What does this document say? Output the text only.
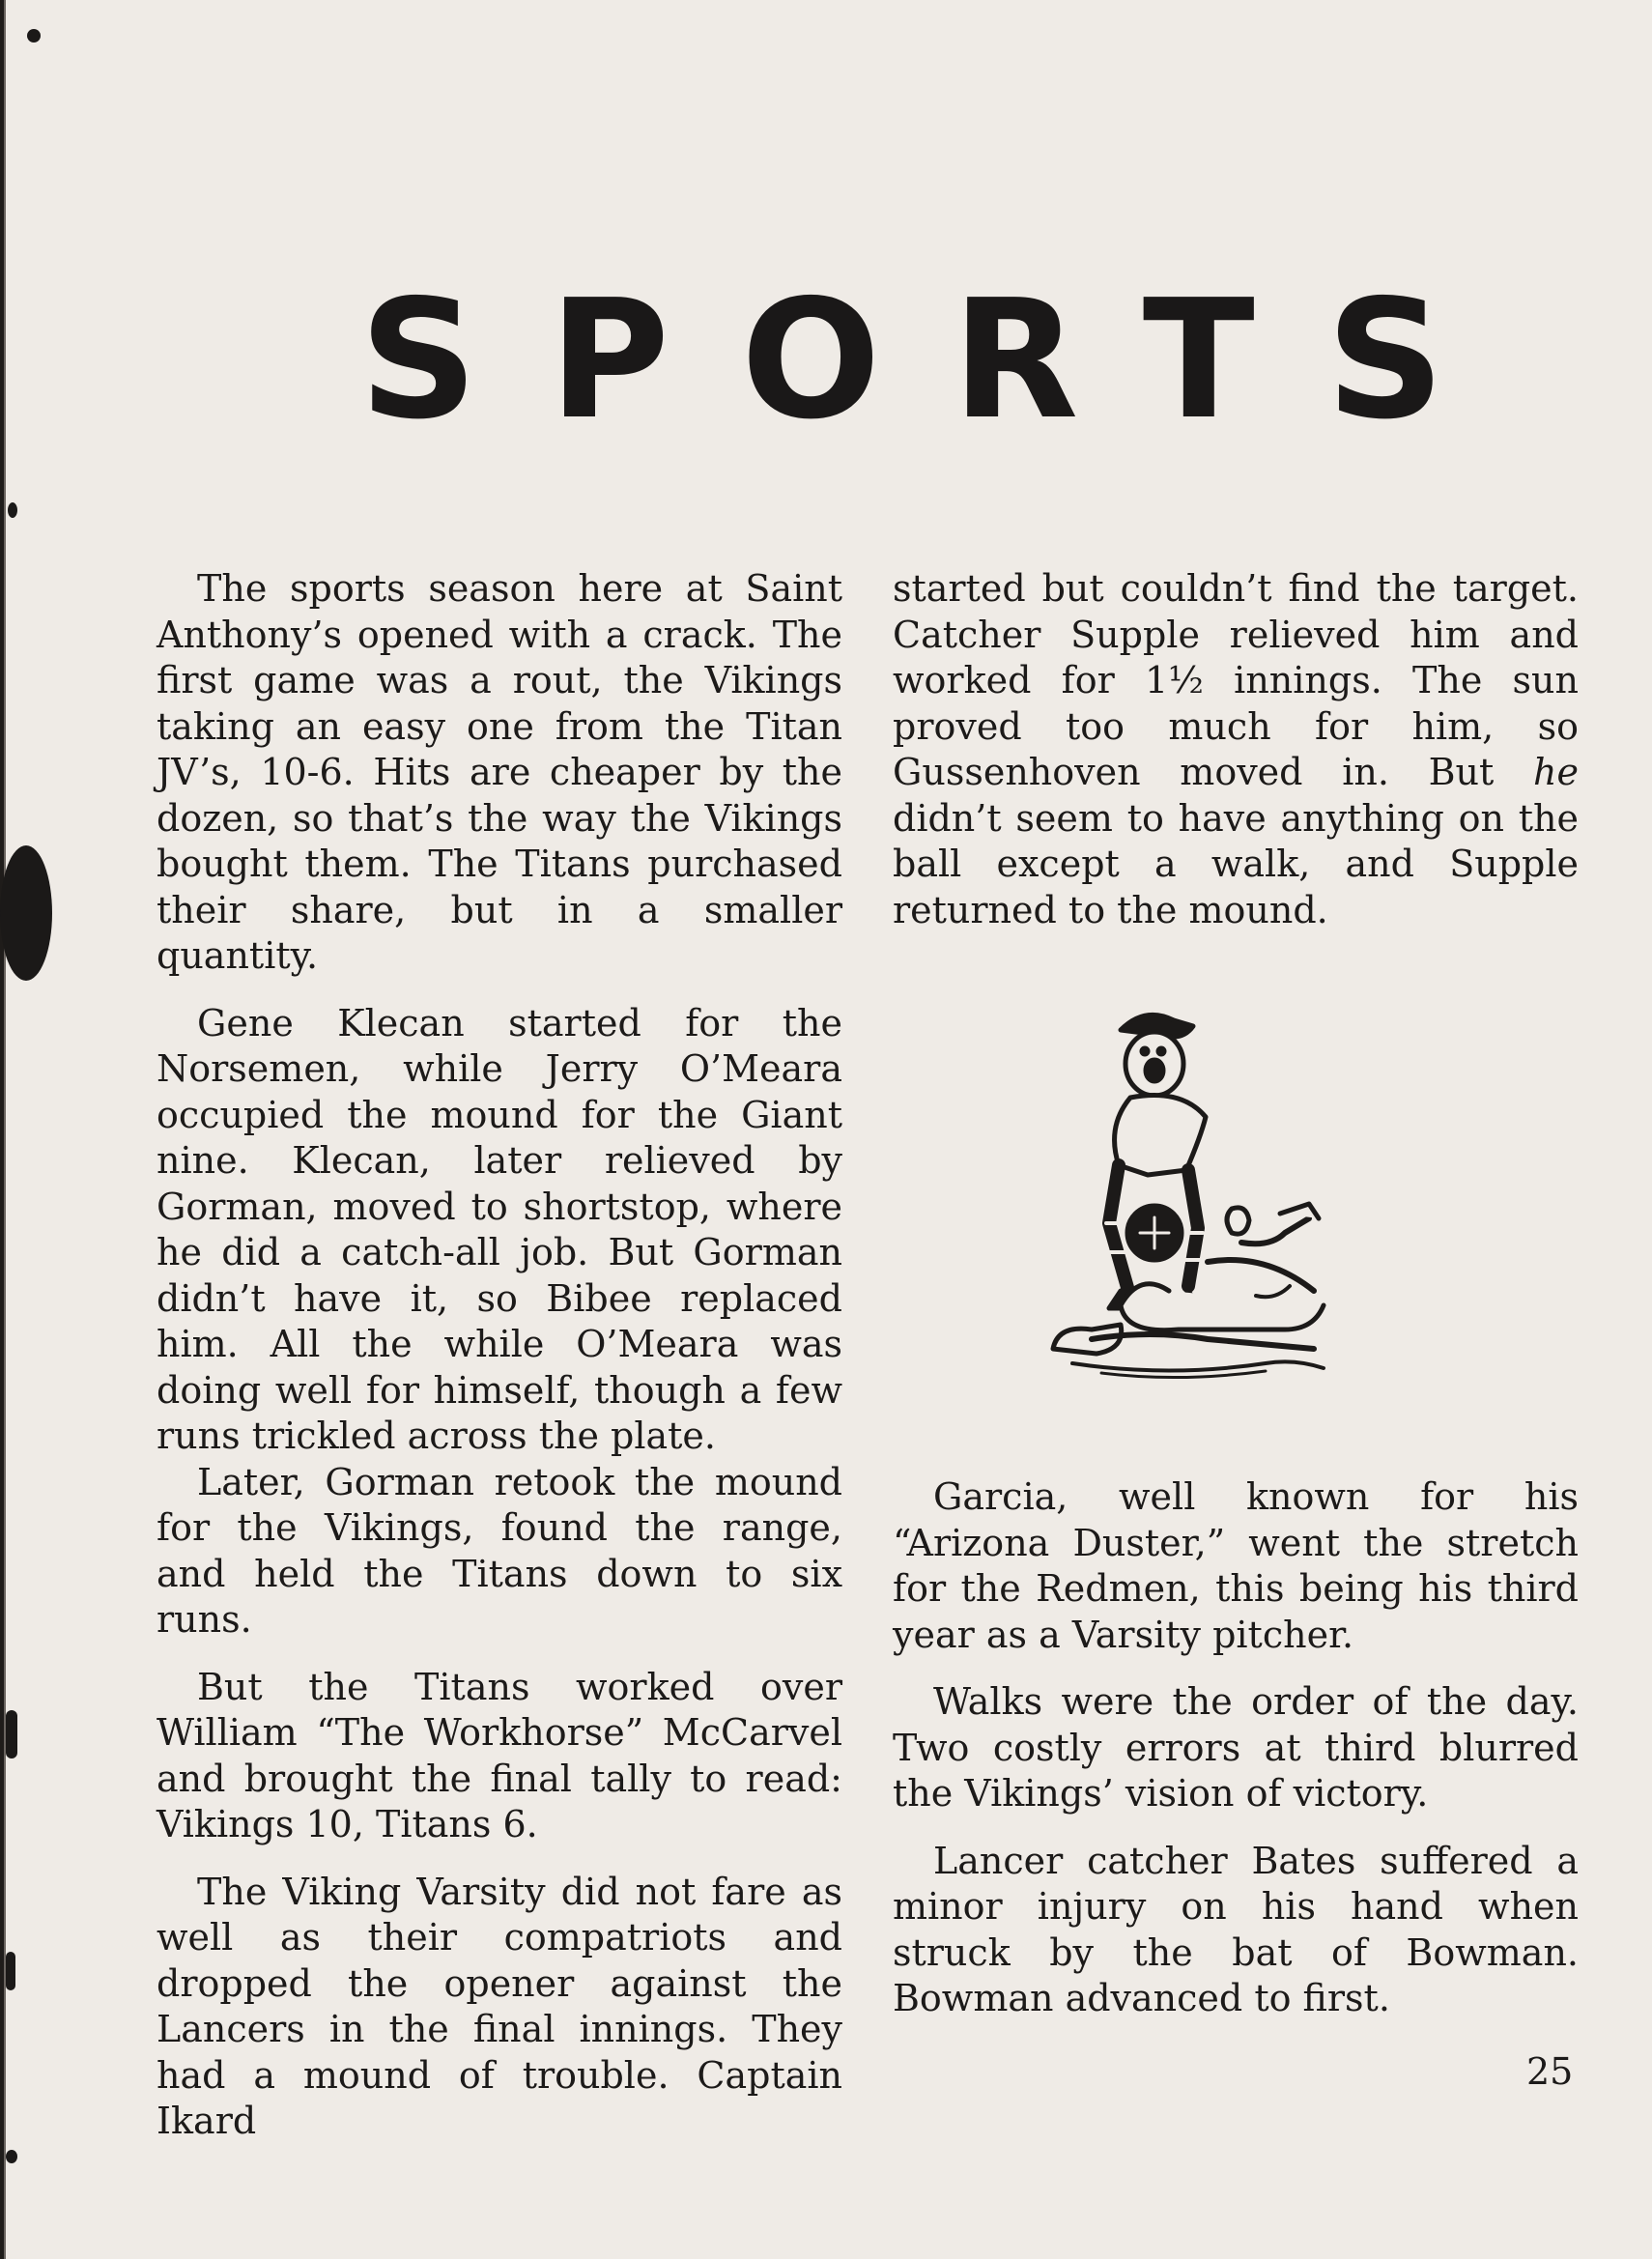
SPORTS

The sports season here at Saint Anthony’s opened with a crack. The first game was a rout, the Vikings taking an easy one from the Titan JV’s, 10-6. Hits are cheaper by the dozen, so that’s the way the Vikings bought them. The Titans purchased their share, but in a smaller quantity.

Gene Klecan started for the Norsemen, while Jerry O’Meara occupied the mound for the Giant nine. Klecan, later relieved by Gorman, moved to shortstop, where he did a catch-all job. But Gorman didn’t have it, so Bibee replaced him. All the while O’Meara was doing well for himself, though a few runs trickled across the plate.

Later, Gorman retook the mound for the Vikings, found the range, and held the Titans down to six runs.

But the Titans worked over William “The Workhorse” McCarvel and brought the final tally to read: Vikings 10, Titans 6.

The Viking Varsity did not fare as well as their compatriots and dropped the opener against the Lancers in the final innings. They had a mound of trouble. Captain Ikard

started but couldn’t find the target. Catcher Supple relieved him and worked for 1½ innings. The sun proved too much for him, so Gussenhoven moved in. But he didn’t seem to have anything on the ball except a walk, and Supple returned to the mound.

Garcia, well known for his “Arizona Duster,” went the stretch for the Redmen, this being his third year as a Varsity pitcher.

Walks were the order of the day. Two costly errors at third blurred the Vikings’ vision of victory.

Lancer catcher Bates suffered a minor injury on his hand when struck by the bat of Bowman. Bowman advanced to first.

25
